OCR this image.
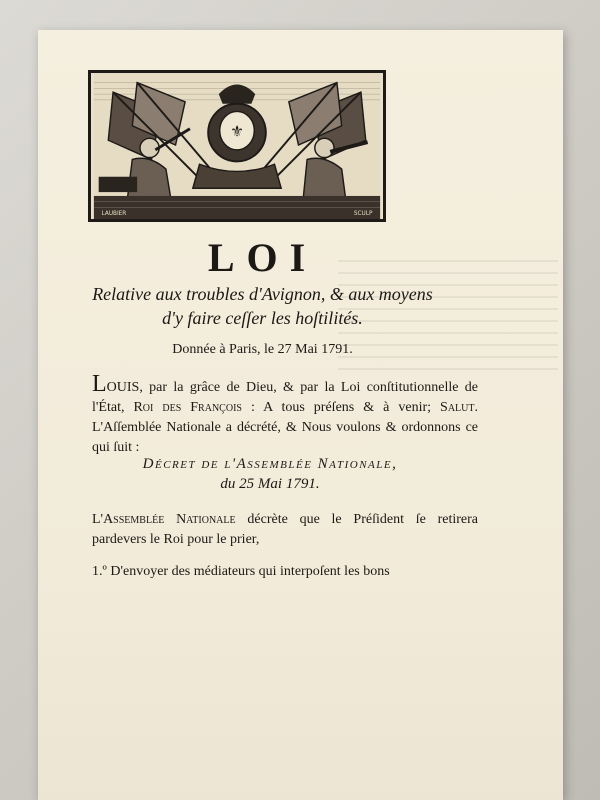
⚜
LAUBIER	SCULP
LOI
Relative aux troubles d'Avignon, & aux moyens
d'y faire ceſſer les hoſtilités.
Donnée à Paris, le 27 Mai 1791.
LOUIS, par la grâce de Dieu, & par la Loi conſtitutionnelle de l'État, Roi des François : A tous préſens & à venir; Salut. L'Aſſemblée Nationale a décrété, & Nous voulons & ordonnons ce qui ſuit :
Décret de l'Assemblée Nationale,
du 25 Mai 1791.
L'Assemblée Nationale décrète que le Préſident ſe retirera pardevers le Roi pour le prier,
1.º D'envoyer des médiateurs qui interpoſent les bons
